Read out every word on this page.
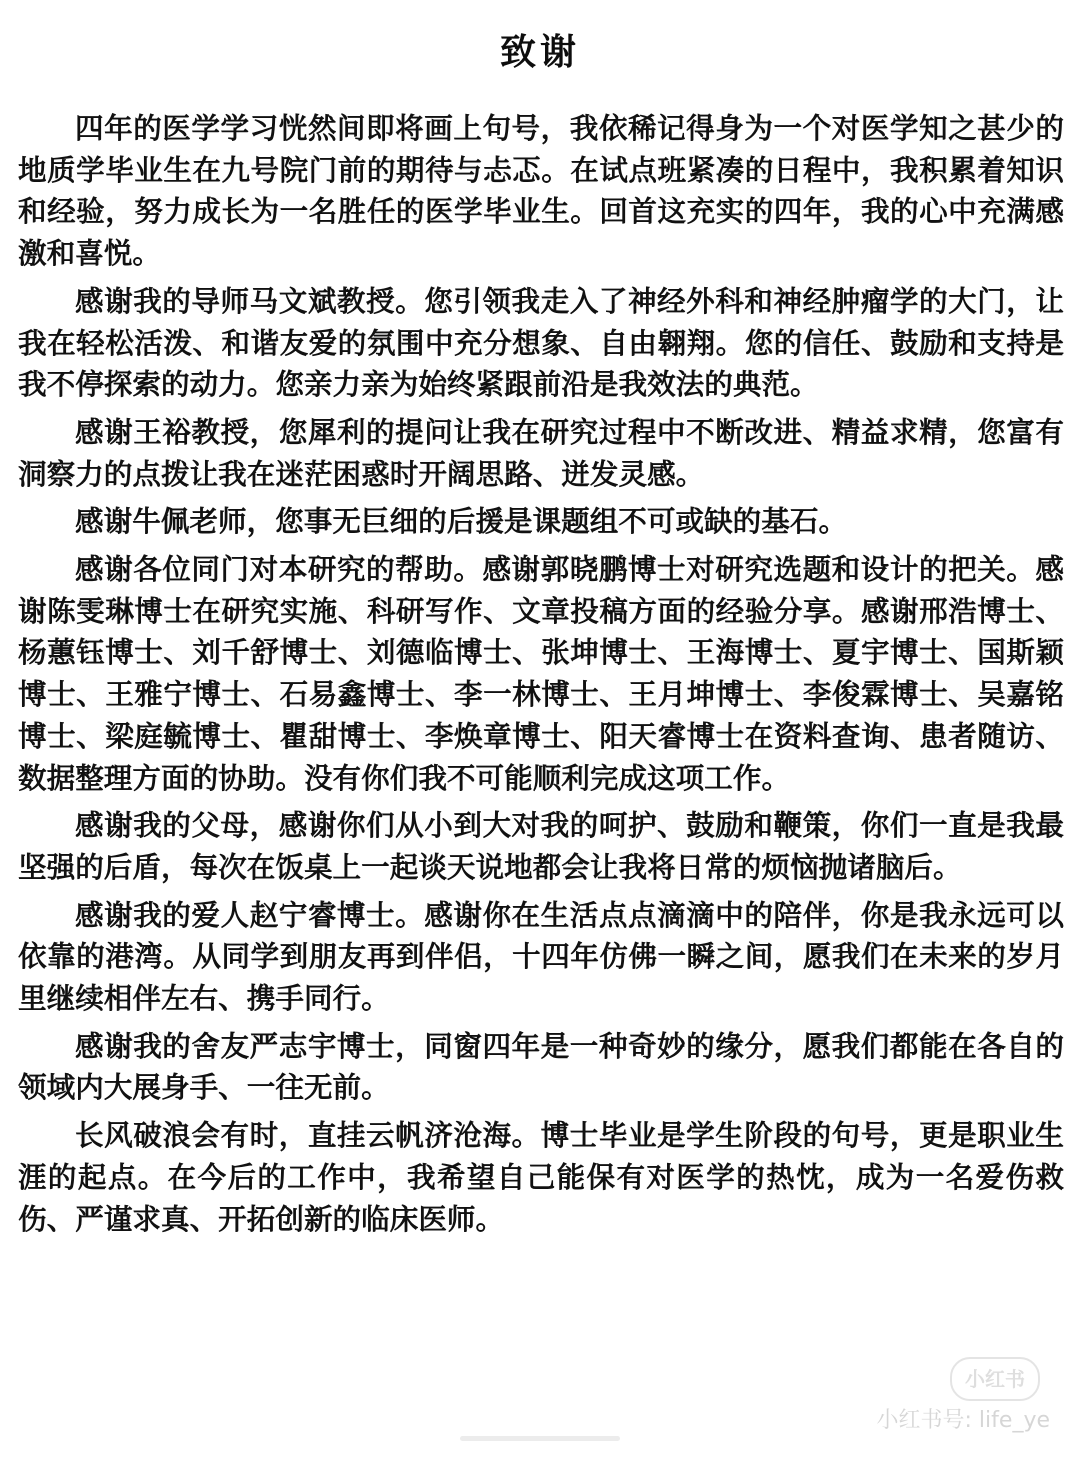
致谢

四年的医学学习恍然间即将画上句号，我依稀记得身为一个对医学知之甚少的地质学毕业生在九号院门前的期待与忐忑。在试点班紧凑的日程中，我积累着知识和经验，努力成长为一名胜任的医学毕业生。回首这充实的四年，我的心中充满感激和喜悦。

感谢我的导师马文斌教授。您引领我走入了神经外科和神经肿瘤学的大门，让我在轻松活泼、和谐友爱的氛围中充分想象、自由翱翔。您的信任、鼓励和支持是我不停探索的动力。您亲力亲为始终紧跟前沿是我效法的典范。

感谢王裕教授，您犀利的提问让我在研究过程中不断改进、精益求精，您富有洞察力的点拨让我在迷茫困惑时开阔思路、迸发灵感。

感谢牛佩老师，您事无巨细的后援是课题组不可或缺的基石。

感谢各位同门对本研究的帮助。感谢郭晓鹏博士对研究选题和设计的把关。感谢陈雯琳博士在研究实施、科研写作、文章投稿方面的经验分享。感谢邢浩博士、杨蕙钰博士、刘千舒博士、刘德临博士、张坤博士、王海博士、夏宇博士、国斯颖博士、王雅宁博士、石易鑫博士、李一林博士、王月坤博士、李俊霖博士、吴嘉铭博士、梁庭毓博士、瞿甜博士、李焕章博士、阳天睿博士在资料查询、患者随访、数据整理方面的协助。没有你们我不可能顺利完成这项工作。

感谢我的父母，感谢你们从小到大对我的呵护、鼓励和鞭策，你们一直是我最坚强的后盾，每次在饭桌上一起谈天说地都会让我将日常的烦恼抛诸脑后。

感谢我的爱人赵宁睿博士。感谢你在生活点点滴滴中的陪伴，你是我永远可以依靠的港湾。从同学到朋友再到伴侣，十四年仿佛一瞬之间，愿我们在未来的岁月里继续相伴左右、携手同行。

感谢我的舍友严志宇博士，同窗四年是一种奇妙的缘分，愿我们都能在各自的领域内大展身手、一往无前。

长风破浪会有时，直挂云帆济沧海。博士毕业是学生阶段的句号，更是职业生涯的起点。在今后的工作中，我希望自己能保有对医学的热忱，成为一名爱伤救伤、严谨求真、开拓创新的临床医师。

小红书
小红书号: life_ye
